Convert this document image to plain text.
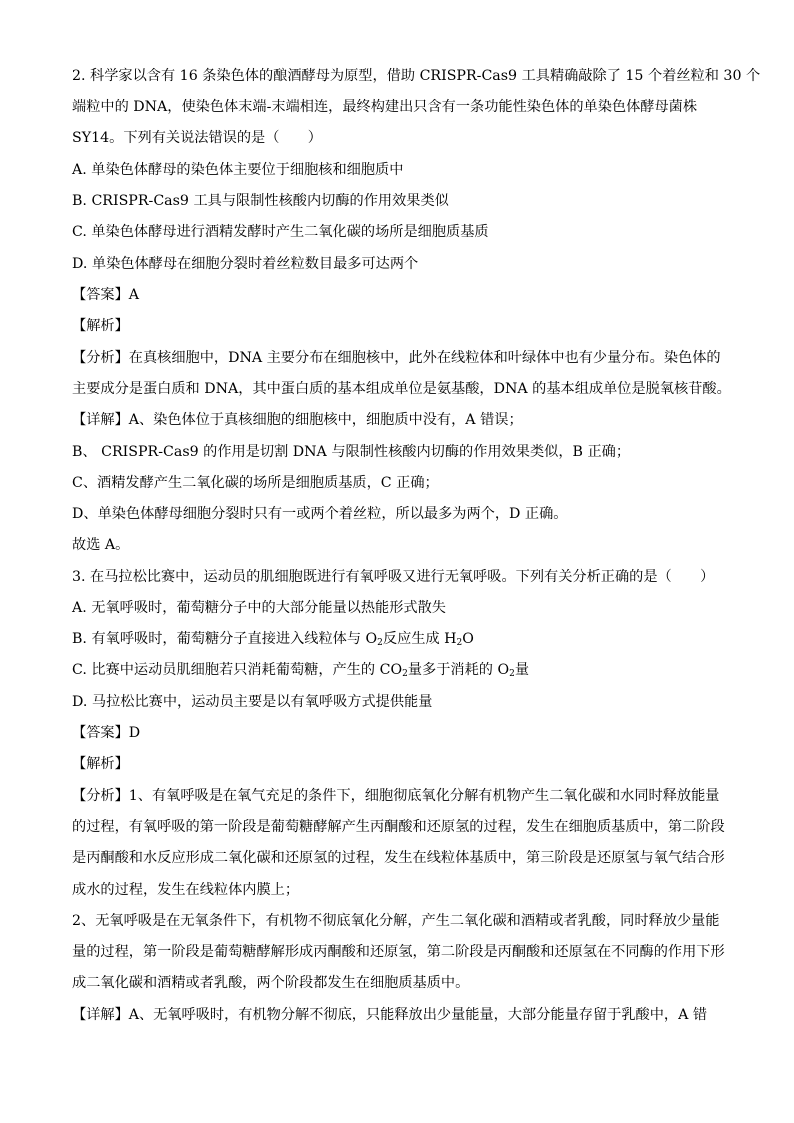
2. 科学家以含有 16 条染色体的酿酒酵母为原型，借助 CRISPR-Cas9 工具精确敲除了 15 个着丝粒和 30 个
端粒中的 DNA，使染色体末端-末端相连，最终构建出只含有一条功能性染色体的单染色体酵母菌株
SY14。下列有关说法错误的是（　　）
A. 单染色体酵母的染色体主要位于细胞核和细胞质中
B. CRISPR-Cas9 工具与限制性核酸内切酶的作用效果类似
C. 单染色体酵母进行酒精发酵时产生二氧化碳的场所是细胞质基质
D. 单染色体酵母在细胞分裂时着丝粒数目最多可达两个
【答案】A
【解析】
【分析】在真核细胞中，DNA 主要分布在细胞核中，此外在线粒体和叶绿体中也有少量分布。染色体的
主要成分是蛋白质和 DNA，其中蛋白质的基本组成单位是氨基酸，DNA 的基本组成单位是脱氧核苷酸。
【详解】A、染色体位于真核细胞的细胞核中，细胞质中没有，A 错误；
B、 CRISPR-Cas9 的作用是切割 DNA 与限制性核酸内切酶的作用效果类似，B 正确；
C、酒精发酵产生二氧化碳的场所是细胞质基质，C 正确；
D、单染色体酵母细胞分裂时只有一或两个着丝粒，所以最多为两个，D 正确。
故选 A。
3. 在马拉松比赛中，运动员的肌细胞既进行有氧呼吸又进行无氧呼吸。下列有关分析正确的是（　　）
A. 无氧呼吸时，葡萄糖分子中的大部分能量以热能形式散失
B. 有氧呼吸时，葡萄糖分子直接进入线粒体与 $O_2$反应生成 $H_2O$
C. 比赛中运动员肌细胞若只消耗葡萄糖，产生的 $CO_2$量多于消耗的 $O_2$量
D. 马拉松比赛中，运动员主要是以有氧呼吸方式提供能量
【答案】D
【解析】
【分析】1、有氧呼吸是在氧气充足的条件下，细胞彻底氧化分解有机物产生二氧化碳和水同时释放能量
的过程，有氧呼吸的第一阶段是葡萄糖酵解产生丙酮酸和还原氢的过程，发生在细胞质基质中，第二阶段
是丙酮酸和水反应形成二氧化碳和还原氢的过程，发生在线粒体基质中，第三阶段是还原氢与氧气结合形
成水的过程，发生在线粒体内膜上；
2、无氧呼吸是在无氧条件下，有机物不彻底氧化分解，产生二氧化碳和酒精或者乳酸，同时释放少量能
量的过程，第一阶段是葡萄糖酵解形成丙酮酸和还原氢，第二阶段是丙酮酸和还原氢在不同酶的作用下形
成二氧化碳和酒精或者乳酸，两个阶段都发生在细胞质基质中。
【详解】A、无氧呼吸时，有机物分解不彻底，只能释放出少量能量，大部分能量存留于乳酸中，A 错
